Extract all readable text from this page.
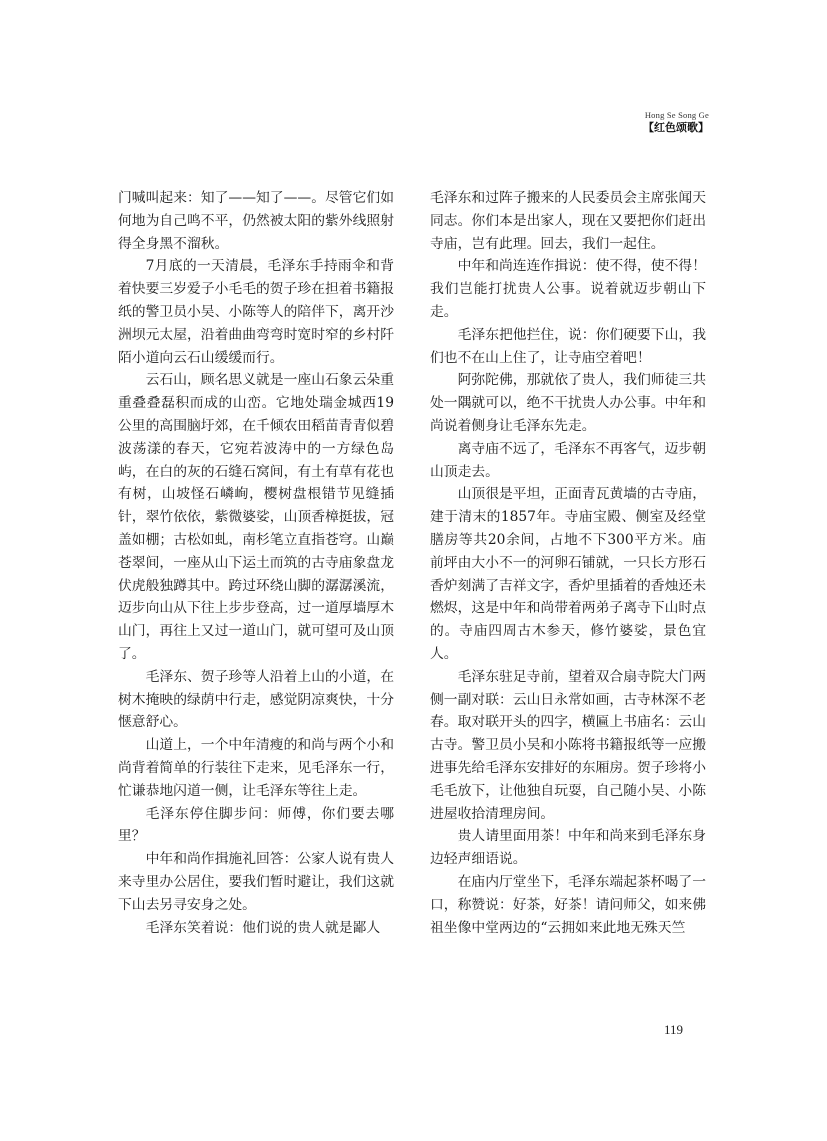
Hong Se Song Ge
【红色颂歌】

门喊叫起来：知了——知了——。尽管它们如何地为自己鸣不平，仍然被太阳的紫外线照射得全身黑不溜秋。

7月底的一天清晨，毛泽东手持雨伞和背着快要三岁爱子小毛毛的贺子珍在担着书籍报纸的警卫员小吴、小陈等人的陪伴下，离开沙洲坝元太屋，沿着曲曲弯弯时宽时窄的乡村阡陌小道向云石山缓缓而行。

云石山，顾名思义就是一座山石象云朵重重叠叠磊积而成的山峦。它地处瑞金城西19公里的高围脑圩郊，在千倾农田稻苗青青似碧波荡漾的春天，它宛若波涛中的一方绿色岛屿，在白的灰的石缝石窝间，有土有草有花也有树，山坡怪石嶙峋，樱树盘根错节见缝插针，翠竹依依，紫微婆娑，山顶香樟挺拔，冠盖如棚；古松如虬，南杉笔立直指苍穹。山巅苍翠间，一座从山下运土而筑的古寺庙象盘龙伏虎般独蹲其中。跨过环绕山脚的潺潺溪流，迈步向山从下往上步步登高，过一道厚墙厚木山门，再往上又过一道山门，就可望可及山顶了。

毛泽东、贺子珍等人沿着上山的小道，在树木掩映的绿荫中行走，感觉阴凉爽快，十分惬意舒心。

山道上，一个中年清瘦的和尚与两个小和尚背着简单的行装往下走来，见毛泽东一行，忙谦恭地闪道一侧，让毛泽东等往上走。

毛泽东停住脚步问：师傅，你们要去哪里？

中年和尚作揖施礼回答：公家人说有贵人来寺里办公居住，要我们暂时避让，我们这就下山去另寻安身之处。

毛泽东笑着说：他们说的贵人就是鄙人

毛泽东和过阵子搬来的人民委员会主席张闻天同志。你们本是出家人，现在又要把你们赶出寺庙，岂有此理。回去，我们一起住。

中年和尚连连作揖说：使不得，使不得！我们岂能打扰贵人公事。说着就迈步朝山下走。

毛泽东把他拦住，说：你们硬要下山，我们也不在山上住了，让寺庙空着吧！

阿弥陀佛，那就依了贵人，我们师徒三共处一隅就可以，绝不干扰贵人办公事。中年和尚说着侧身让毛泽东先走。

离寺庙不远了，毛泽东不再客气，迈步朝山顶走去。

山顶很是平坦，正面青瓦黄墙的古寺庙，建于清末的1857年。寺庙宝殿、侧室及经堂膳房等共20余间，占地不下300平方米。庙前坪由大小不一的河卵石铺就，一只长方形石香炉刻满了吉祥文字，香炉里插着的香烛还未燃烬，这是中年和尚带着两弟子离寺下山时点的。寺庙四周古木参天，修竹婆娑，景色宜人。

毛泽东驻足寺前，望着双合扇寺院大门两侧一副对联：云山日永常如画，古寺林深不老春。取对联开头的四字，横匾上书庙名：云山古寺。警卫员小吴和小陈将书籍报纸等一应搬进事先给毛泽东安排好的东厢房。贺子珍将小毛毛放下，让他独自玩耍，自己随小吴、小陈进屋收拾清理房间。

贵人请里面用茶！中年和尚来到毛泽东身边轻声细语说。

在庙内厅堂坐下，毛泽东端起茶杯喝了一口，称赞说：好茶，好茶！请问师父，如来佛祖坐像中堂两边的“云拥如来此地无殊天竺

119
